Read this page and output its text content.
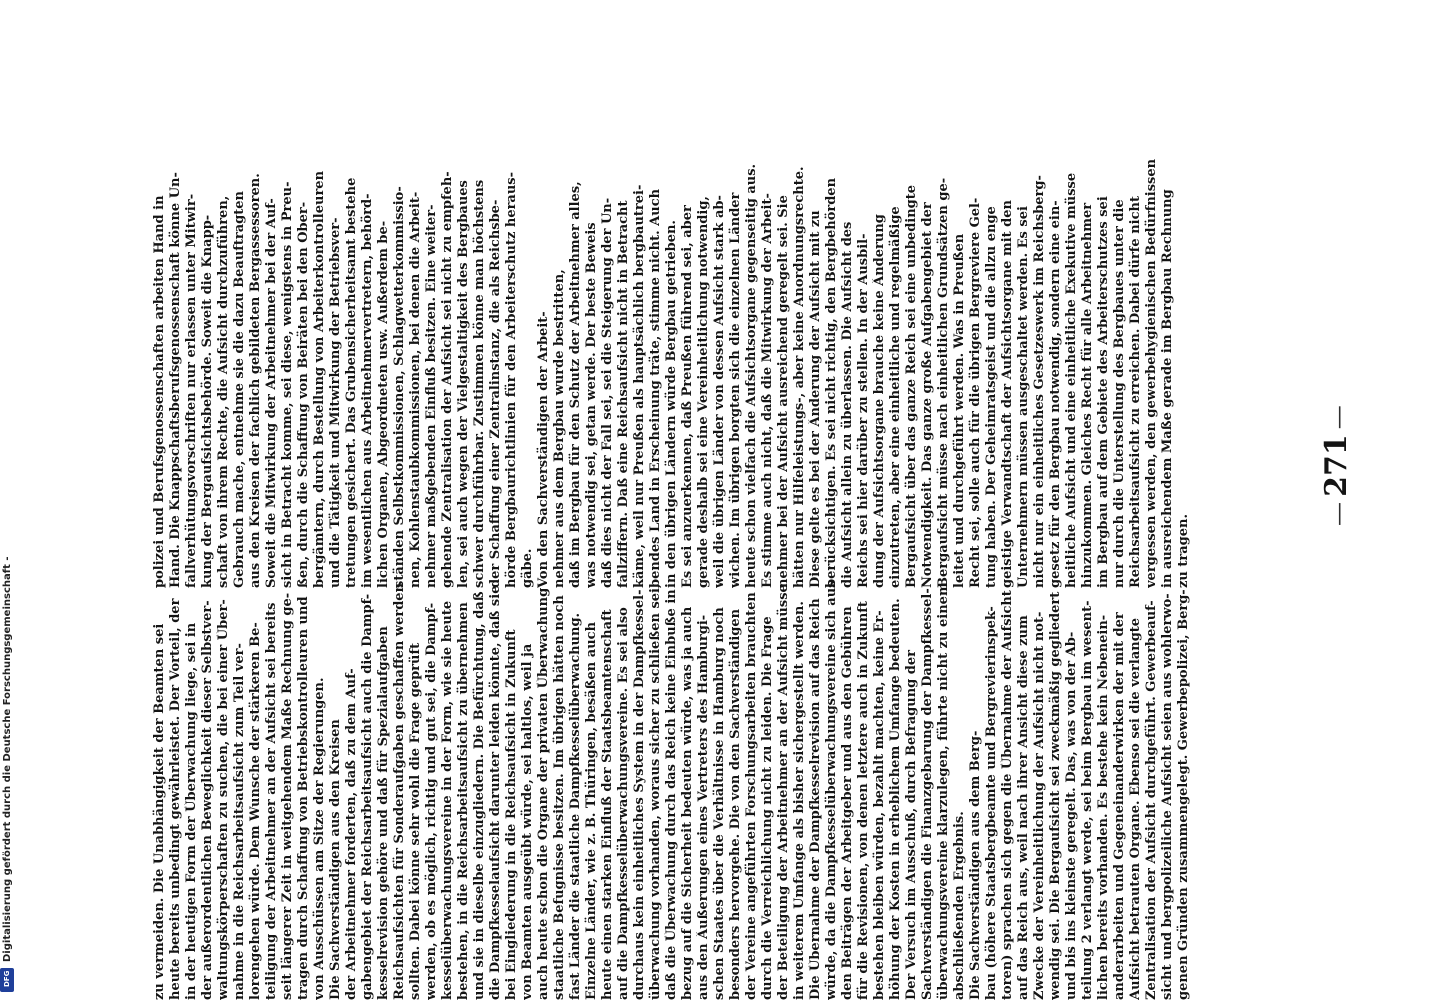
— 271 —
polizei und Berufsgenossenschaften arbeiten Hand in Hand. Die Knappschaftsberufsgenossenschaft könne Un- fallverhütungsvorschriften nur erlassen unter Mitwir- kung der Bergaufsichtsbehörde. Soweit die Knapp- schaft von ihrem Rechte, die Aufsicht durchzuführen, Gebrauch mache, entnehme sie die dazu Beauftragten aus den Kreisen der fachlich gebildeten Bergassessoren. Soweit die Mitwirkung der Arbeitnehmer bei der Auf- sicht in Betracht komme, sei diese, wenigstens in Preu- ßen, durch die Schaffung von Beiräten bei den Ober- bergämtern, durch Bestellung von Arbeiterkontrolleuren und die Tätigkeit und Mitwirkung der Betriebsver- tretungen gesichert. Das Grubensicherheitsamt bestehe im wesentlichen aus Arbeitnehmervertretern, behörd- lichen Organen, Abgeordneten usw. Außerdem be- ständen Selbstkommissionen, Schlagwetterkommissio- nen, Kohlenstaubkommissionen, bei denen die Arbeit- nehmer maßgebenden Einfluß besitzen. Eine weiter- gehende Zentralisation der Aufsicht sei nicht zu empfeh- len, sei auch wegen der Vielgestaltigkeit des Bergbaues schwer durchführbar. Zustimmen könne man höchstens der Schaffung einer Zentralinstanz, die als Reichsbe- hörde Bergbaurichtlinien für den Arbeiterschutz heraus- gäbe. Von den Sachverständigen der Arbeit- nehmer aus dem Bergbau wurde bestritten, daß im Bergbau für den Schutz der Arbeitnehmer alles, was notwendig sei, getan werde. Der beste Beweis daß dies nicht der Fall sei, sei die Steigerung der Un- fallziffern. Daß eine Reichsaufsicht nicht in Betracht käme, weil nur Preußen als hauptsächlich bergbautrei- bendes Land in Erscheinung träte, stimme nicht. Auch in den übrigen Ländern würde Bergbau getrieben. Es sei anzuerkennen, daß Preußen führend sei, aber gerade deshalb sei eine Vereinheitlichung notwendig, weil die übrigen Länder von dessen Aufsicht stark ab- wichen. Im übrigen borgten sich die einzelnen Länder heute schon vielfach die Aufsichtsorgane gegenseitig aus. Es stimme auch nicht, daß die Mitwirkung der Arbeit- nehmer bei der Aufsicht ausreichend geregelt sei. Sie hätten nur Hilfeleistungs-, aber keine Anordnungsrechte. Diese gelte es bei der Änderung der Aufsicht mit zu berücksichtigen. Es sei nicht richtig, den Bergbehörden die Aufsicht allein zu überlassen. Die Aufsicht des Reichs sei hier darüber zu stellen. In der Ausbil- dung der Aufsichtsorgane brauche keine Änderung einzutreten, aber eine einheitliche und regelmäßige Bergaufsicht über das ganze Reich sei eine unbedingte Notwendigkeit. Das ganze große Aufgabengebiet der Bergaufsicht müsse nach einheitlichen Grundsätzen ge- leitet und durchgeführt werden. Was in Preußen Recht sei, solle auch für die übrigen Bergreviere Gel- tung haben. Der Geheimratsgeist und die allzu enge geistige Verwandtschaft der Aufsichtsorgane mit den Unternehmern müssen ausgeschaltet werden. Es sei nicht nur ein einheitliches Gesetzeswerk im Reichsberg- gesetz für den Bergbau notwendig, sondern eine ein- heitliche Aufsicht und eine einheitliche Exekutive müsse hinzukommen. Gleiches Recht für alle Arbeitnehmer im Bergbau auf dem Gebiete des Arbeiterschutzes sei nur durch die Unterstellung des Bergbaues unter die Reichsarbeitsaufsicht zu erreichen. Dabei dürfe nicht vergessen werden, den gewerbehygienischen Bedürfnissen in ausreichendem Maße gerade im Bergbau Rechnung zu tragen.
zu vermeiden. Die Unabhängigkeit der Beamten sei heute bereits unbedingt gewährleistet. Der Vorteil, der in der heutigen Form der Überwachung liege, sei in der außerordentlichen Beweglichkeit dieser Selbstver- waltungskörperschaften zu suchen, die bei einer Über- nahme in die Reichsarbeitsaufsicht zum Teil ver- lorengehen würde. Dem Wunsche der stärkeren Be- teiligung der Arbeitnehmer an der Aufsicht sei bereits seit längerer Zeit in weitgehendem Maße Rechnung ge- tragen durch Schaffung von Betriebskontrolleuren und von Ausschüssen am Sitze der Regierungen. Die Sachverständigen aus den Kreisen der Arbeitnehmer forderten, daß zu dem Auf- gabengebiet der Reichsarbeitsaufsicht auch die Dampf- kesselrevision gehöre und daß für Spezialaufgaben Reichsaufsichten für Sonderaufgaben geschaffen werden sollten. Dabei könne sehr wohl die Frage geprüft werden, ob es möglich, richtig und gut sei, die Dampf- kesselüberwachungsvereine in der Form, wie sie heute bestehen, in die Reichsarbeitsaufsicht zu übernehmen und sie in dieselbe einzugliedern. Die Befürchtung, daß die Dampfkesselaufsicht darunter leiden könnte, daß sie bei Eingliederung in die Reichsaufsicht in Zukunft von Beamten ausgeübt würde, sei haltlos, weil ja auch heute schon die Organe der privaten Überwachung staatliche Befugnisse besitzen. Im übrigen hätten noch fast Länder die staatliche Dampfkesselüberwachung. Einzelne Länder, wie z. B. Thüringen, besäßen auch heute einen starken Einfluß der Staatsbeamtenschaft auf die Dampfkesselüberwachungsvereine. Es sei also durchaus kein einheitliches System in der Dampfkessel- überwachung vorhanden, woraus sicher zu schließen sei, daß die Überwachung durch das Reich keine Einbuße in bezug auf die Sicherheit bedeuten würde, was ja auch aus den Äußerungen eines Vertreters des Hamburgi- schen Staates über die Verhältnisse in Hamburg noch besonders hervorgehe. Die von den Sachverständigen der Vereine angeführten Forschungsarbeiten brauchten durch die Verreichlichung nicht zu leiden. Die Frage der Beteiligung der Arbeitnehmer an der Aufsicht müsse in weiterem Umfange als bisher sichergestellt werden. Die Übernahme der Dampfkesselrevision auf das Reich würde, da die Dampfkesselüberwachungsvereine sich aus den Beiträgen der Arbeitgeber und aus den Gebühren für die Revisionen, von denen letztere auch in Zukunft bestehen bleiben würden, bezahlt machten, keine Er- höhung der Kosten in erheblichem Umfange bedeuten. Der Versuch im Ausschuß, durch Befragung der Sachverständigen die Finanzgebarung der Dampfkessel- überwachungsvereine klarzulegen, führte nicht zu einem abschließenden Ergebnis. Die Sachverständigen aus dem Berg- bau (höhere Staatsbergbeamte und Bergrevierinspek- toren) sprachen sich gegen die Übernahme der Aufsicht auf das Reich aus, weil nach ihrer Ansicht diese zum Zwecke der Vereinheitlichung der Aufsicht nicht not- wendig sei. Die Bergaufsicht sei zweckmäßig gegliedert und bis ins kleinste geregelt. Das, was von der Ab- teilung 2 verlangt werde, sei beim Bergbau im wesent- lichen bereits vorhanden. Es bestehe kein Nebenein- anderarbeiten und Gegeneinanderwirken der mit der Aufsicht betrauten Organe. Ebenso sei die verlangte Zentralisation der Aufsicht durchgeführt. Gewerbeauf- sicht und bergpolizeiliche Aufsicht seien aus wohlerwo- genen Gründen zusammengelegt. Gewerbepolizei, Berg-
Digitalisierung gefördert durch die Deutsche Forschungsgemeinschaft -
DFG
